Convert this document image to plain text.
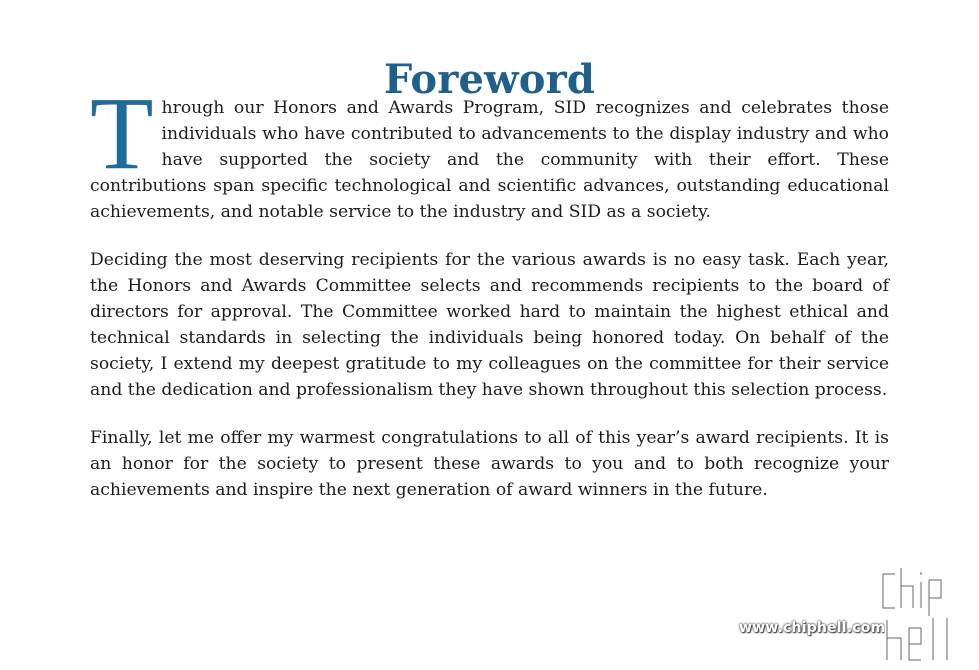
Foreword

Through our Honors and Awards Program, SID recognizes and celebrates those individuals who have contributed to advancements to the display industry and who have supported the society and the community with their effort. These contributions span specific technological and scientific advances, outstanding educational achievements, and notable service to the industry and SID as a society.

Deciding the most deserving recipients for the various awards is no easy task. Each year, the Honors and Awards Committee selects and recommends recipients to the board of directors for approval. The Committee worked hard to maintain the highest ethical and technical standards in selecting the individuals being honored today. On behalf of the society, I extend my deepest gratitude to my colleagues on the committee for their service and the dedication and professionalism they have shown throughout this selection process.

Finally, let me offer my warmest congratulations to all of this year’s award recipients. It is an honor for the society to present these awards to you and to both recognize your achievements and inspire the next generation of award winners in the future.

www.chiphell.com
